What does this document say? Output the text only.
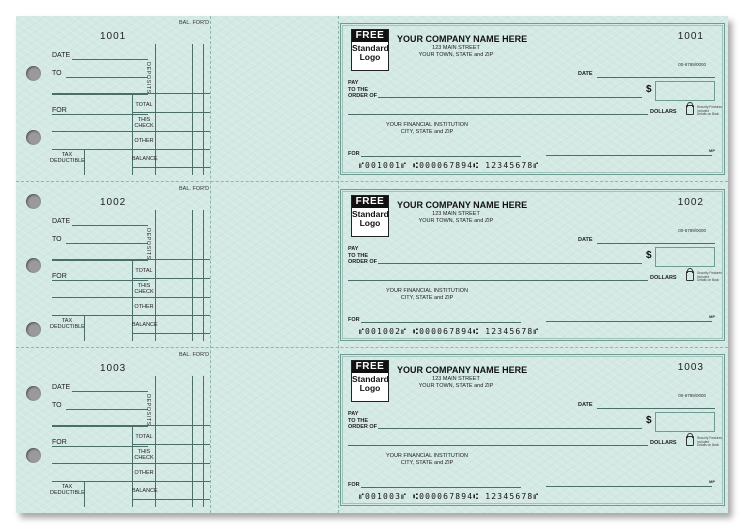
BAL. FOR'D
1001
DATE
TO
FOR
DEPOSITS
TOTAL
THIS
CHECK
OTHER
BALANCE
TAX
DEDUCTIBLE
FREE
Standard
Logo
YOUR COMPANY NAME HERE
123 MAIN STREET
YOUR TOWN, STATE and ZIP
1001
00-6789/0000
DATE
PAY
TO THE
ORDER OF
$
DOLLARS
Security Features
Included
Details on Back
YOUR FINANCIAL INSTITUTION
CITY, STATE and ZIP
FOR
MP
⑈001001⑈ ⑆000067894⑆ 12345678⑈
BAL. FOR'D
1002
DATE
TO
FOR
DEPOSITS
TOTAL
THIS
CHECK
OTHER
BALANCE
TAX
DEDUCTIBLE
FREE
Standard
Logo
YOUR COMPANY NAME HERE
123 MAIN STREET
YOUR TOWN, STATE and ZIP
1002
00-6789/0000
DATE
PAY
TO THE
ORDER OF
$
DOLLARS
Security Features
Included
Details on Back
YOUR FINANCIAL INSTITUTION
CITY, STATE and ZIP
FOR
MP
⑈001002⑈ ⑆000067894⑆ 12345678⑈
BAL. FOR'D
1003
DATE
TO
FOR
DEPOSITS
TOTAL
THIS
CHECK
OTHER
BALANCE
TAX
DEDUCTIBLE
FREE
Standard
Logo
YOUR COMPANY NAME HERE
123 MAIN STREET
YOUR TOWN, STATE and ZIP
1003
00-6789/0000
DATE
PAY
TO THE
ORDER OF
$
DOLLARS
Security Features
Included
Details on Back
YOUR FINANCIAL INSTITUTION
CITY, STATE and ZIP
FOR
MP
⑈001003⑈ ⑆000067894⑆ 12345678⑈
